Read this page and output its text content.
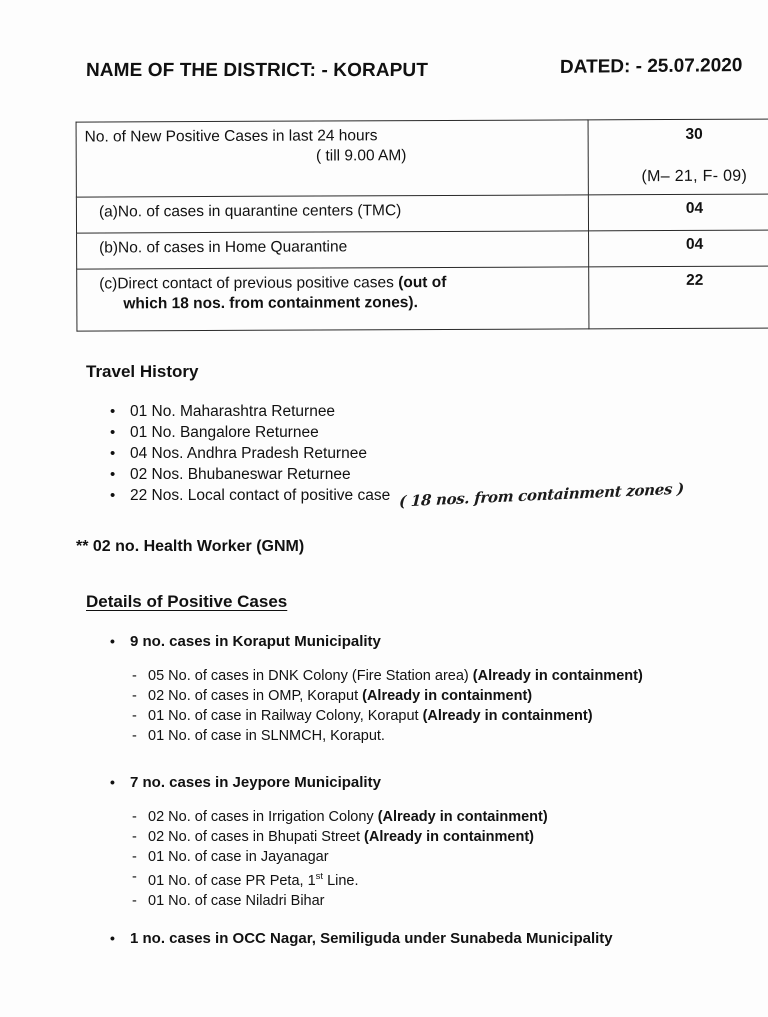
NAME OF THE DISTRICT: - KORAPUT	DATED: - 25.07.2020
No. of New Positive Cases in last 24 hours
( till 9.00 AM)	30
(M– 21, F- 09)

(a)No. of cases in quarantine centers (TMC)	04
(b)No. of cases in Home Quarantine	04
(c)Direct contact of previous positive cases (out of
which 18 nos. from containment zones).	22
Travel History
• 01 No. Maharashtra Returnee
• 01 No. Bangalore Returnee
• 04 Nos. Andhra Pradesh Returnee
• 02 Nos. Bhubaneswar Returnee
• 22 Nos. Local contact of positive case ( 18 nos. from containment zones )
** 02 no. Health Worker (GNM)
Details of Positive Cases
• 9 no. cases in Koraput Municipality
- 05 No. of cases in DNK Colony (Fire Station area) (Already in containment)
- 02 No. of cases in OMP, Koraput (Already in containment)
- 01 No. of case in Railway Colony, Koraput (Already in containment)
- 01 No. of case in SLNMCH, Koraput.
• 7 no. cases in Jeypore Municipality
- 02 No. of cases in Irrigation Colony (Already in containment)
- 02 No. of cases in Bhupati Street (Already in containment)
- 01 No. of case in Jayanagar
- 01 No. of case PR Peta, 1st Line.
- 01 No. of case Niladri Bihar
• 1 no. cases in OCC Nagar, Semiliguda under Sunabeda Municipality
